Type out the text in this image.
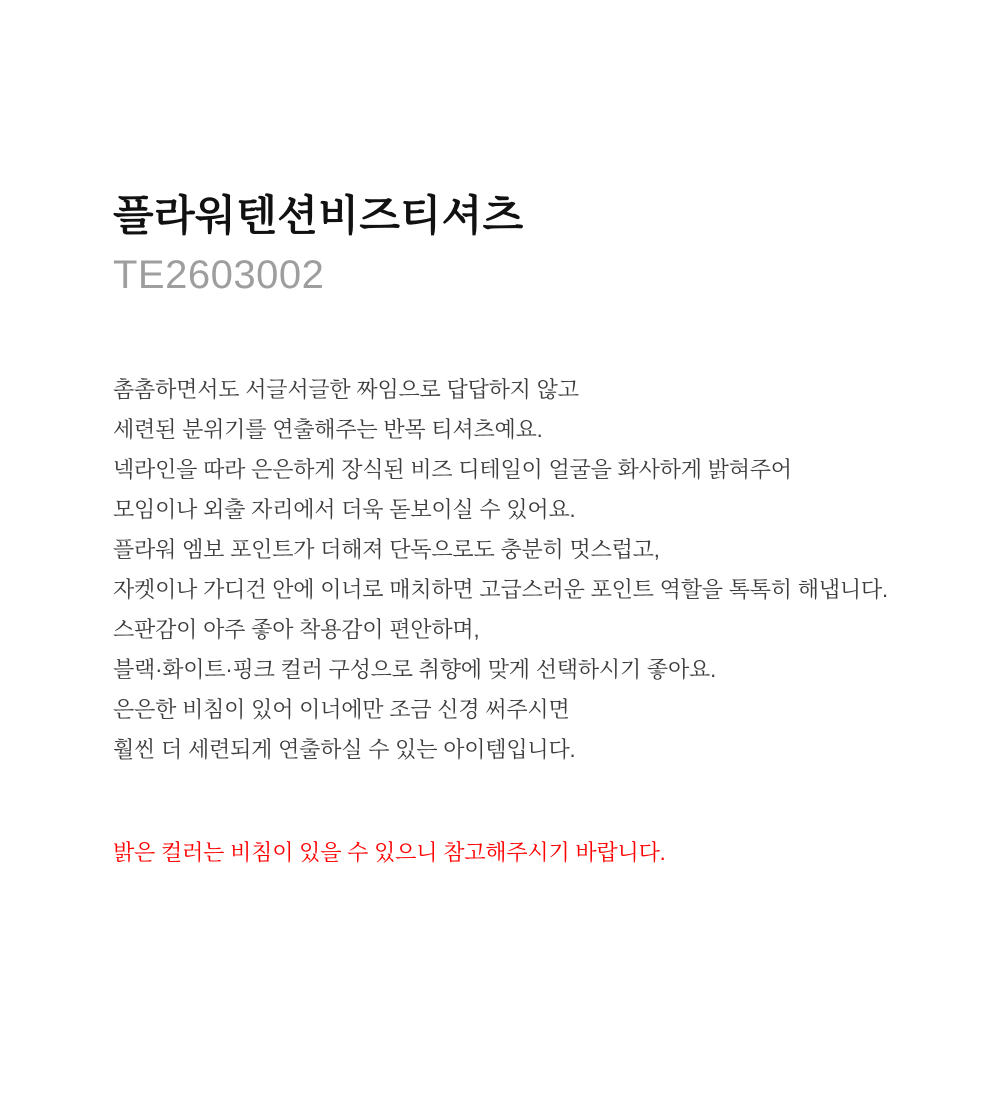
플라워텐션비즈티셔츠
TE2603002
촘촘하면서도 서글서글한 짜임으로 답답하지 않고
세련된 분위기를 연출해주는 반목 티셔츠예요.
넥라인을 따라 은은하게 장식된 비즈 디테일이 얼굴을 화사하게 밝혀주어
모임이나 외출 자리에서 더욱 돋보이실 수 있어요.
플라워 엠보 포인트가 더해져 단독으로도 충분히 멋스럽고,
자켓이나 가디건 안에 이너로 매치하면 고급스러운 포인트 역할을 톡톡히 해냅니다.
스판감이 아주 좋아 착용감이 편안하며,
블랙·화이트·핑크 컬러 구성으로 취향에 맞게 선택하시기 좋아요.
은은한 비침이 있어 이너에만 조금 신경 써주시면
훨씬 더 세련되게 연출하실 수 있는 아이템입니다.
밝은 컬러는 비침이 있을 수 있으니 참고해주시기 바랍니다.
